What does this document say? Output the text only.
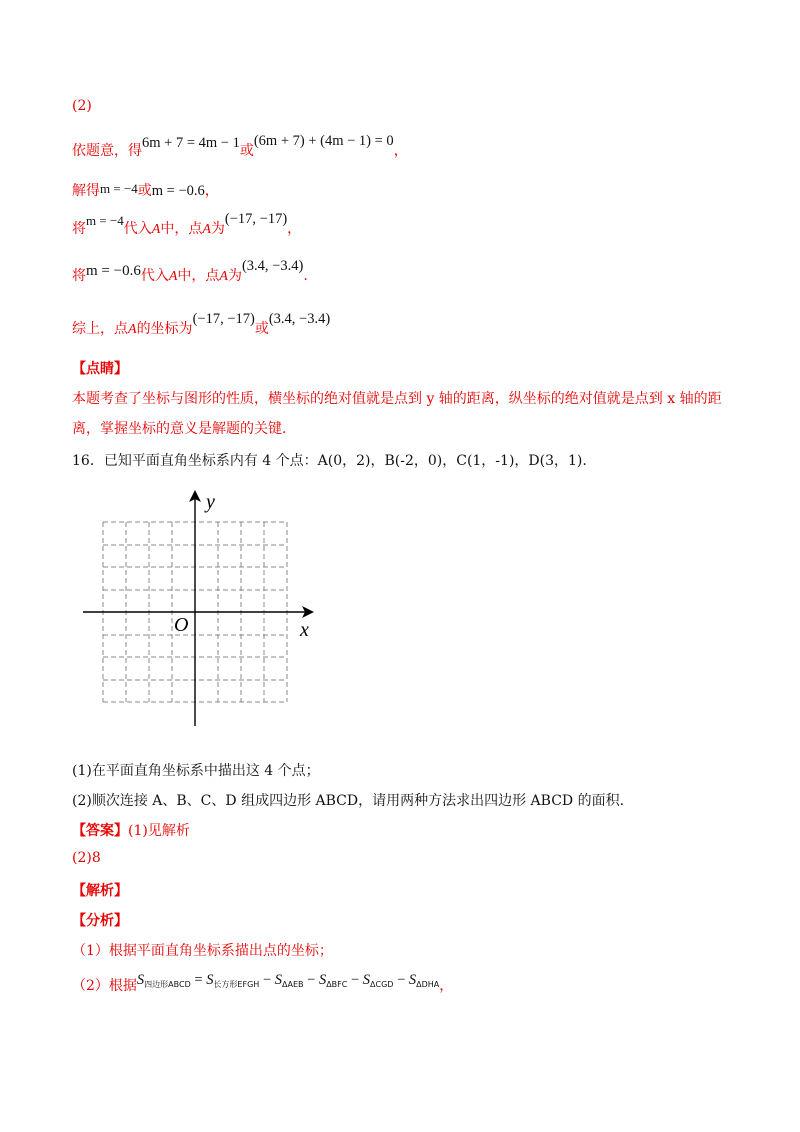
(2)
依题意，得6m + 7 = 4m − 1或(6m + 7) + (4m − 1) = 0，
解得m = −4或m = −0.6，
将m = −4代入A中，点A为(−17, −17)，
将m = −0.6代入A中，点A为(3.4, −3.4).
综上，点A的坐标为(−17, −17)或(3.4, −3.4)
【点睛】
本题考查了坐标与图形的性质，横坐标的绝对值就是点到 y 轴的距离，纵坐标的绝对值就是点到 x 轴的距
离，掌握坐标的意义是解题的关键.
16．已知平面直角坐标系内有 4 个点：A(0，2)，B(-2，0)，C(1，-1)，D(3，1).
y
x
O
(1)在平面直角坐标系中描出这 4 个点；
(2)顺次连接 A、B、C、D 组成四边形 ABCD，请用两种方法求出四边形 ABCD 的面积.
【答案】(1)见解析
(2)8
【解析】
【分析】
（1）根据平面直角坐标系描出点的坐标；
（2）根据$S_{四边形ABCD} = S_{长方形EFGH} - S_{\Delta AEB} - S_{\Delta BFC} - S_{\Delta CGD} - S_{\Delta DHA}$，
